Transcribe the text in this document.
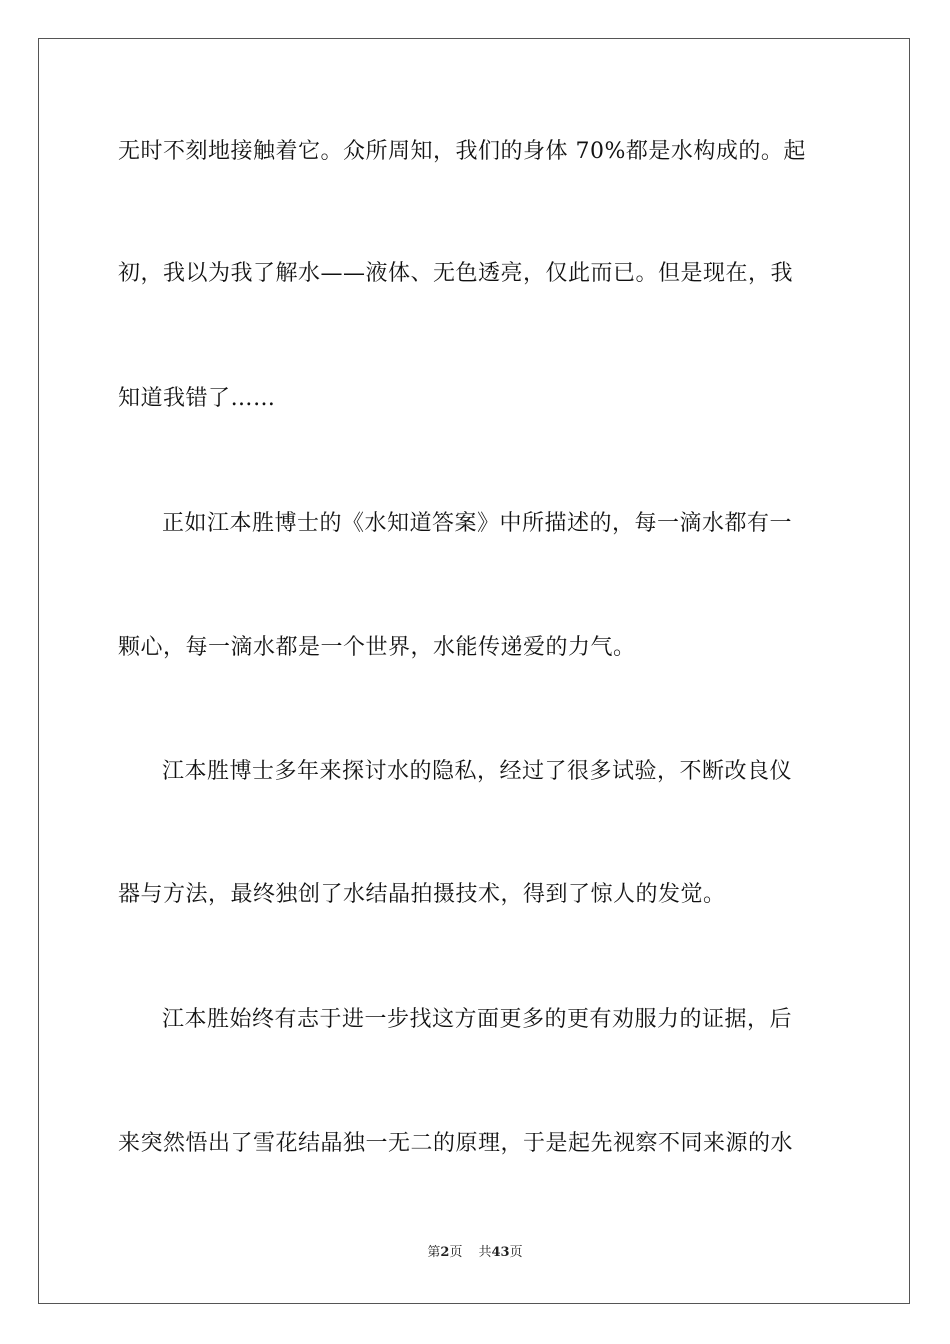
无时不刻地接触着它。众所周知，我们的身体 70%都是水构成的。起
初，我以为我了解水——液体、无色透亮，仅此而已。但是现在，我
知道我错了……
正如江本胜博士的《水知道答案》中所描述的，每一滴水都有一
颗心，每一滴水都是一个世界，水能传递爱的力气。
江本胜博士多年来探讨水的隐私，经过了很多试验，不断改良仪
器与方法，最终独创了水结晶拍摄技术，得到了惊人的发觉。
江本胜始终有志于进一步找这方面更多的更有劝服力的证据，后
来突然悟出了雪花结晶独一无二的原理，于是起先视察不同来源的水
第2页 共43页
